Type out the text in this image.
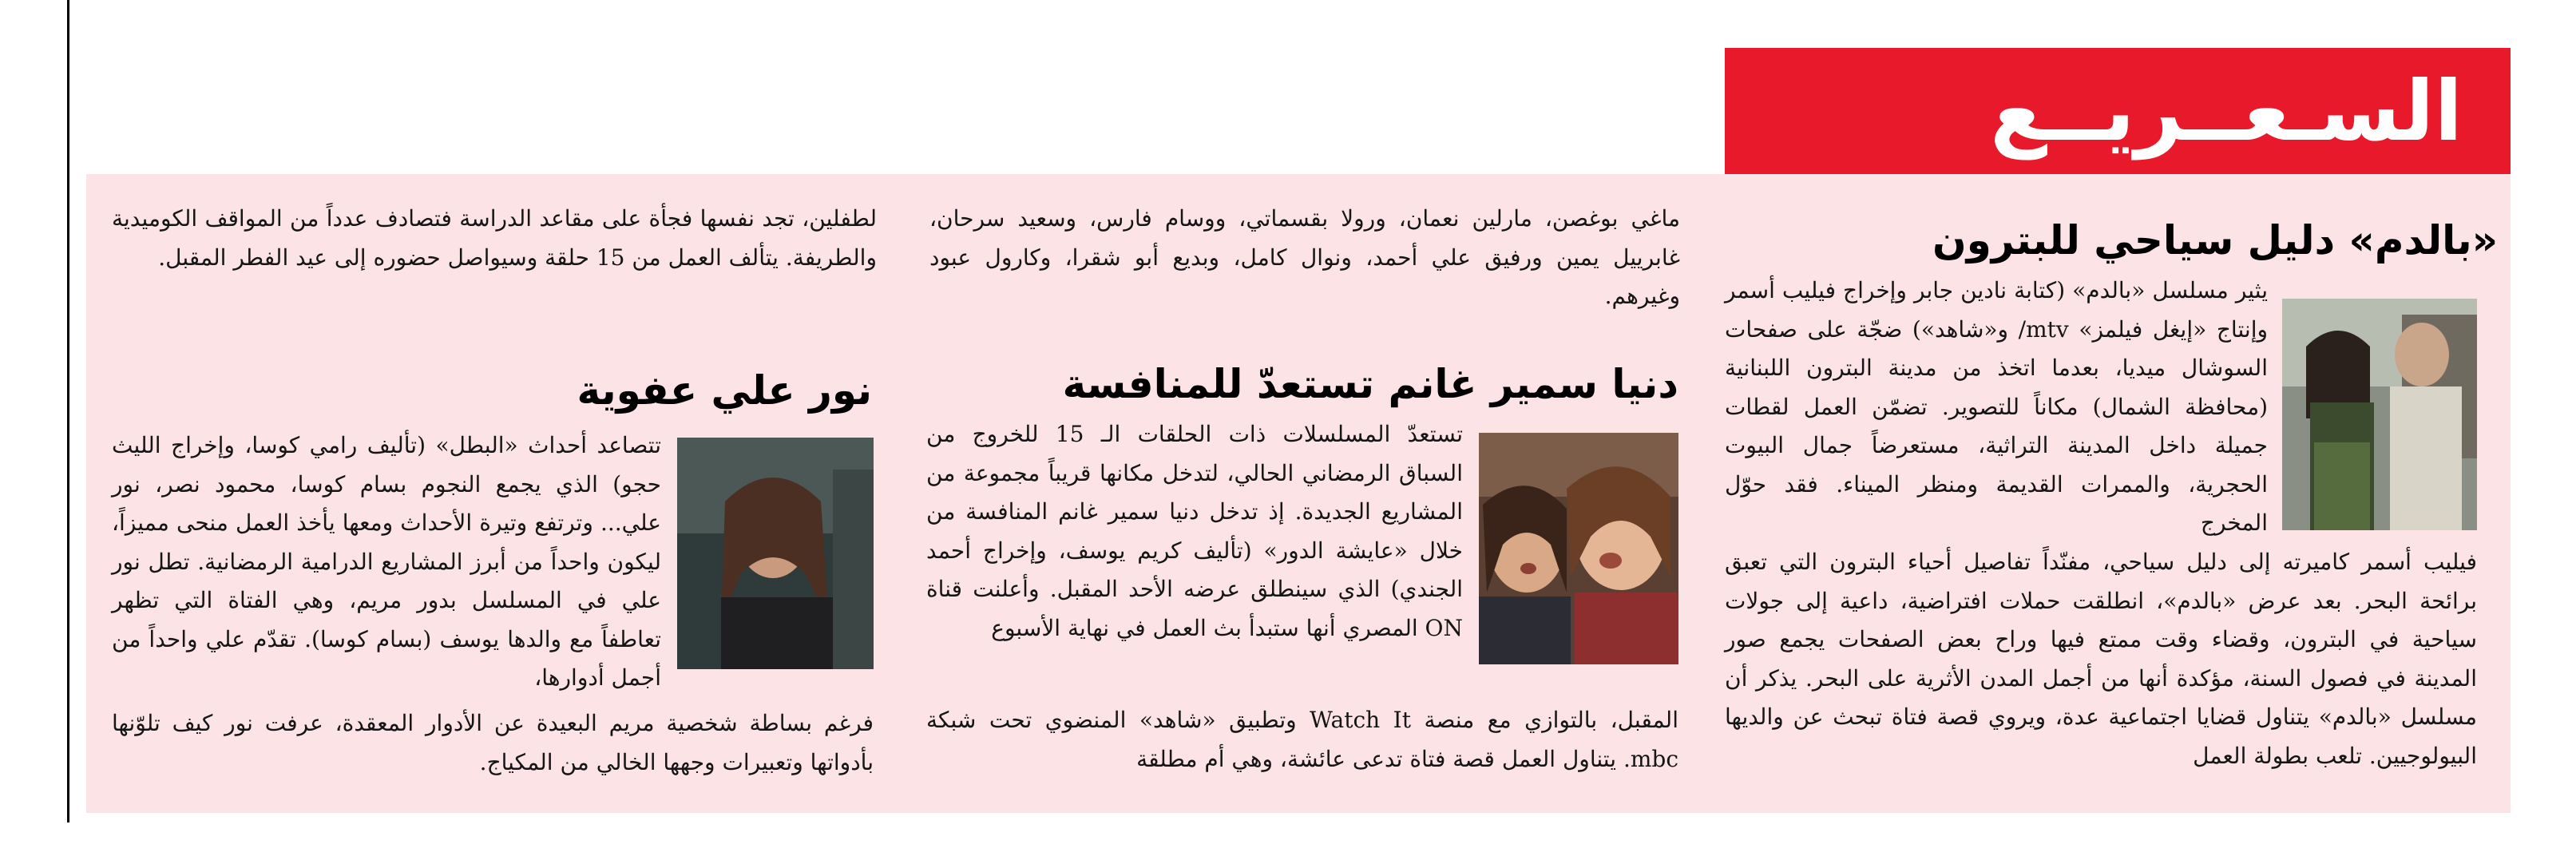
السـعــريــع
«بالدم» دليل سياحي للبترون
يثير مسلسل «بالدم» (كتابة نادين جابر وإخراج فيليب أسمر وإنتاج «إيغل فيلمز» mtv/ و«شاهد») ضجّة على صفحات السوشال ميديا، بعدما اتخذ من مدينة البترون اللبنانية (محافظة الشمال) مكاناً للتصوير. تضمّن العمل لقطات جميلة داخل المدينة التراثية، مستعرضاً جمال البيوت الحجرية، والممرات القديمة ومنظر الميناء. فقد حوّل المخرج
فيليب أسمر كاميرته إلى دليل سياحي، مفنّداً تفاصيل أحياء البترون التي تعبق برائحة البحر. بعد عرض «بالدم»، انطلقت حملات افتراضية، داعية إلى جولات سياحية في البترون، وقضاء وقت ممتع فيها وراح بعض الصفحات يجمع صور المدينة في فصول السنة، مؤكدة أنها من أجمل المدن الأثرية على البحر. يذكر أن مسلسل «بالدم» يتناول قضايا اجتماعية عدة، ويروي قصة فتاة تبحث عن والديها البيولوجيين. تلعب بطولة العمل
ماغي بوغصن، مارلين نعمان، ورولا بقسماتي، ووسام فارس، وسعيد سرحان، غابرييل يمين ورفيق علي أحمد، ونوال كامل، وبديع أبو شقرا، وكارول عبود وغيرهم.
دنيا سمير غانم تستعدّ للمنافسة
تستعدّ المسلسلات ذات الحلقات الـ 15 للخروج من السباق الرمضاني الحالي، لتدخل مكانها قريباً مجموعة من المشاريع الجديدة. إذ تدخل دنيا سمير غانم المنافسة من خلال «عايشة الدور» (تأليف كريم يوسف، وإخراج أحمد الجندي) الذي سينطلق عرضه الأحد المقبل. وأعلنت قناة ON المصري أنها ستبدأ بث العمل في نهاية الأسبوع
المقبل، بالتوازي مع منصة Watch It وتطبيق «شاهد» المنضوي تحت شبكة mbc. يتناول العمل قصة فتاة تدعى عائشة، وهي أم مطلقة
لطفلين، تجد نفسها فجأة على مقاعد الدراسة فتصادف عدداً من المواقف الكوميدية والطريفة. يتألف العمل من 15 حلقة وسيواصل حضوره إلى عيد الفطر المقبل.
نور علي عفوية
تتصاعد أحداث «البطل» (تأليف رامي كوسا، وإخراج الليث حجو) الذي يجمع النجوم بسام كوسا، محمود نصر، نور علي... وترتفع وتيرة الأحداث ومعها يأخذ العمل منحى مميزاً، ليكون واحداً من أبرز المشاريع الدرامية الرمضانية. تطل نور علي في المسلسل بدور مريم، وهي الفتاة التي تظهر تعاطفاً مع والدها يوسف (بسام كوسا). تقدّم علي واحداً من أجمل أدوارها،
فرغم بساطة شخصية مريم البعيدة عن الأدوار المعقدة، عرفت نور كيف تلوّنها بأدواتها وتعبيرات وجهها الخالي من المكياج.
